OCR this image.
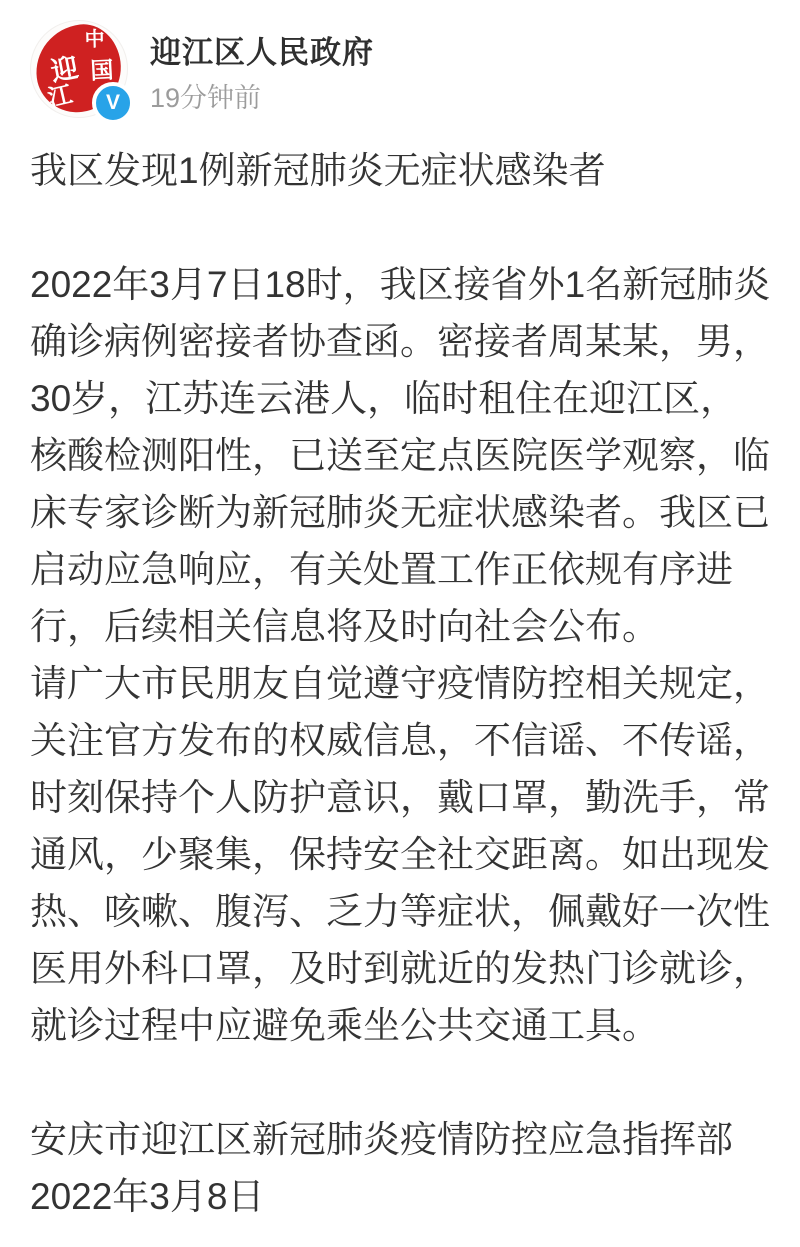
中
国
迎
江 V
迎江区人民政府
19分钟前
我区发现1例新冠肺炎无症状感染者
2022年3月7日18时，我区接省外1名新冠肺炎确诊病例密接者协查函。密接者周某某，男，30岁，江苏连云港人，临时租住在迎江区，核酸检测阳性，已送至定点医院医学观察，临床专家诊断为新冠肺炎无症状感染者。我区已启动应急响应，有关处置工作正依规有序进行，后续相关信息将及时向社会公布。
请广大市民朋友自觉遵守疫情防控相关规定，关注官方发布的权威信息，不信谣、不传谣，时刻保持个人防护意识，戴口罩，勤洗手，常通风，少聚集，保持安全社交距离。如出现发热、咳嗽、腹泻、乏力等症状，佩戴好一次性医用外科口罩，及时到就近的发热门诊就诊，就诊过程中应避免乘坐公共交通工具。
安庆市迎江区新冠肺炎疫情防控应急指挥部
2022年3月8日
